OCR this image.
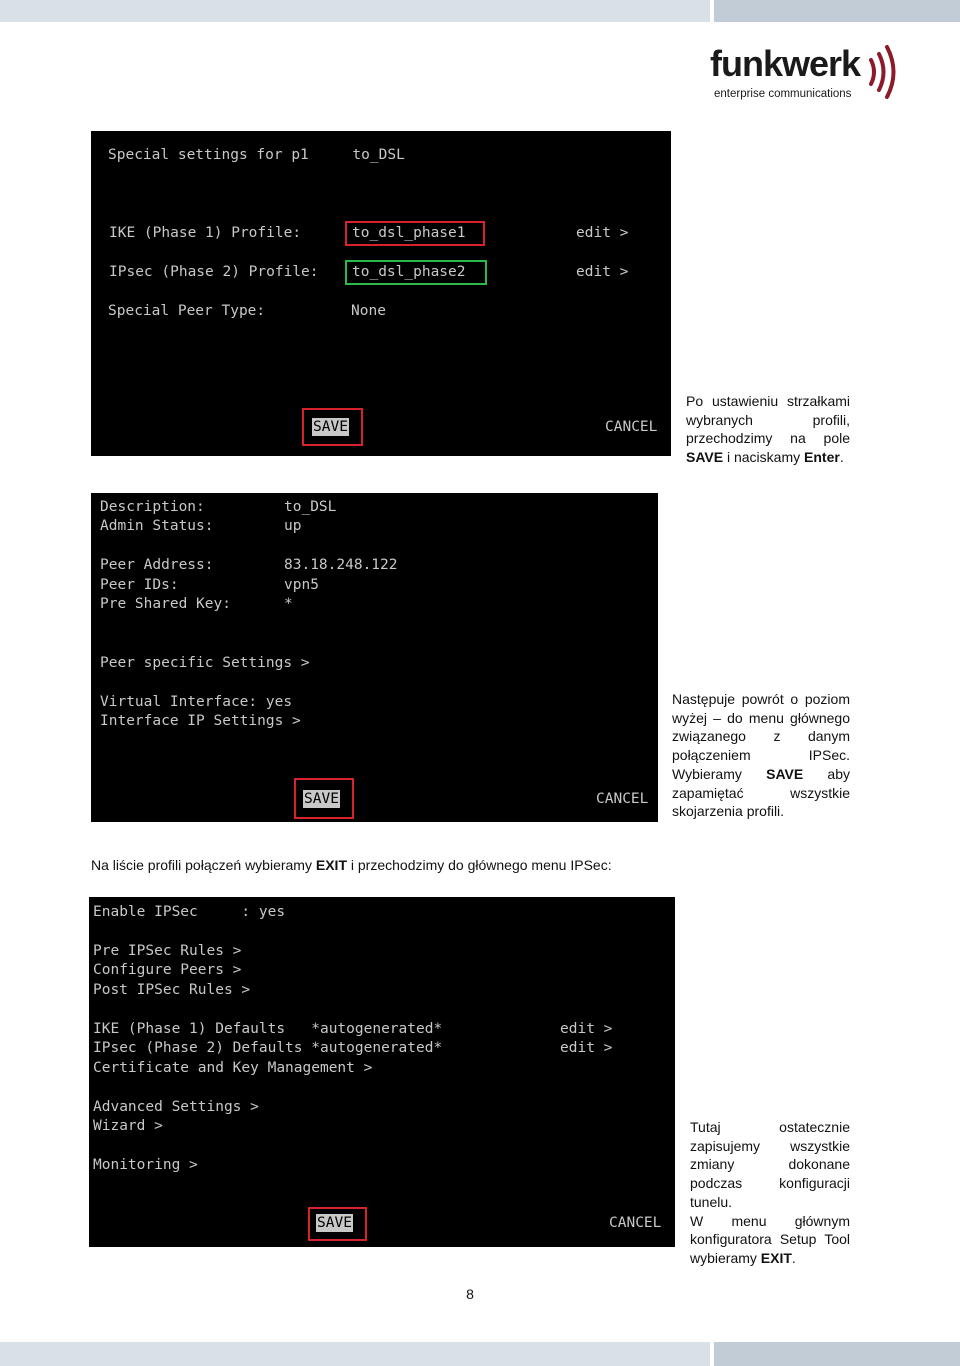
funkwerk
enterprise communications
Special settings for p1     to_DSL
IKE (Phase 1) Profile:	to_dsl_phase1	edit >
IPsec (Phase 2) Profile: to_dsl_phase2	edit >
Special Peer Type:	None
SAVE	CANCEL
Po ustawieniu strzałkami wybranych profili, przechodzimy na pole SAVE i naciskamy Enter.
Description:	to_DSL
Admin Status:	up
Peer Address:	83.18.248.122
Peer IDs:	vpn5
Pre Shared Key:	*
Peer specific Settings >
Virtual Interface: yes
Interface IP Settings >
SAVE	CANCEL
Następuje powrót o poziom wyżej – do menu głównego związanego z danym połączeniem IPSec. Wybieramy SAVE aby zapamiętać wszystkie skojarzenia profili.
Na liście profili połączeń wybieramy EXIT i przechodzimy do głównego menu IPSec:
Enable IPSec     : yes
Pre IPSec Rules >
Configure Peers >
Post IPSec Rules >
IKE (Phase 1) Defaults   *autogenerated*	edit >
IPsec (Phase 2) Defaults *autogenerated*	edit >
Certificate and Key Management >
Advanced Settings >
Wizard >
Monitoring >
SAVE	CANCEL
Tutaj ostatecznie zapisujemy wszystkie zmiany dokonane podczas konfiguracji tunelu.
W menu głównym konfiguratora Setup Tool wybieramy EXIT.
8
